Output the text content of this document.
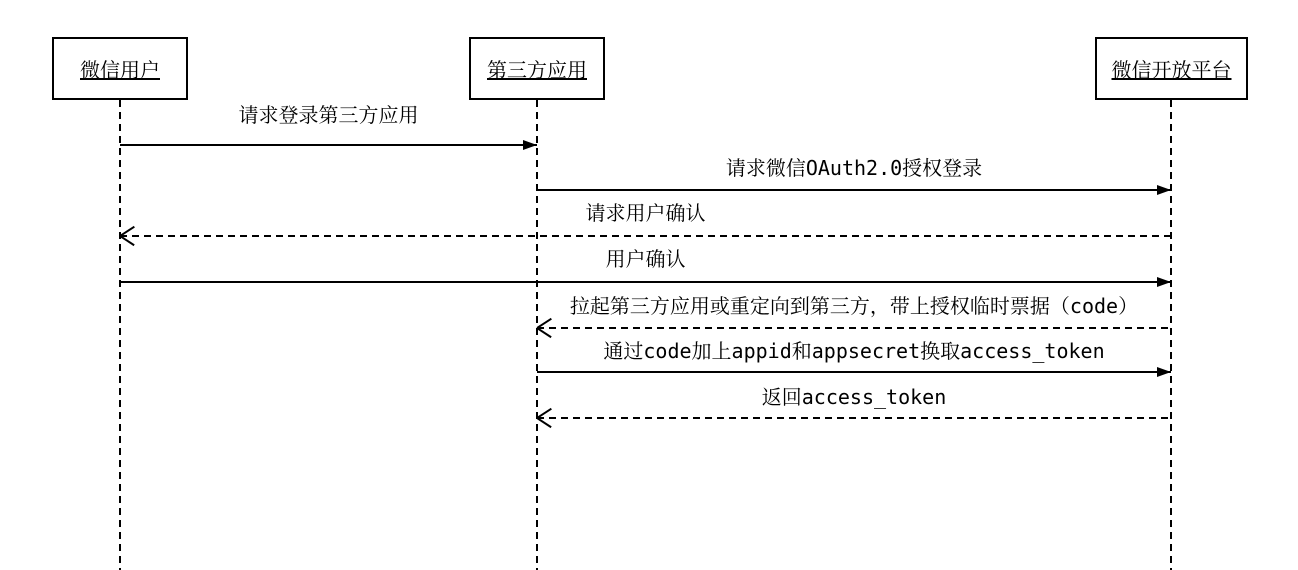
微信用户	第三方应用	微信开放平台
请求登录第三方应用
请求微信OAuth2.0授权登录
请求用户确认
用户确认
拉起第三方应用或重定向到第三方，带上授权临时票据（code）
通过code加上appid和appsecret换取access_token
返回access_token
